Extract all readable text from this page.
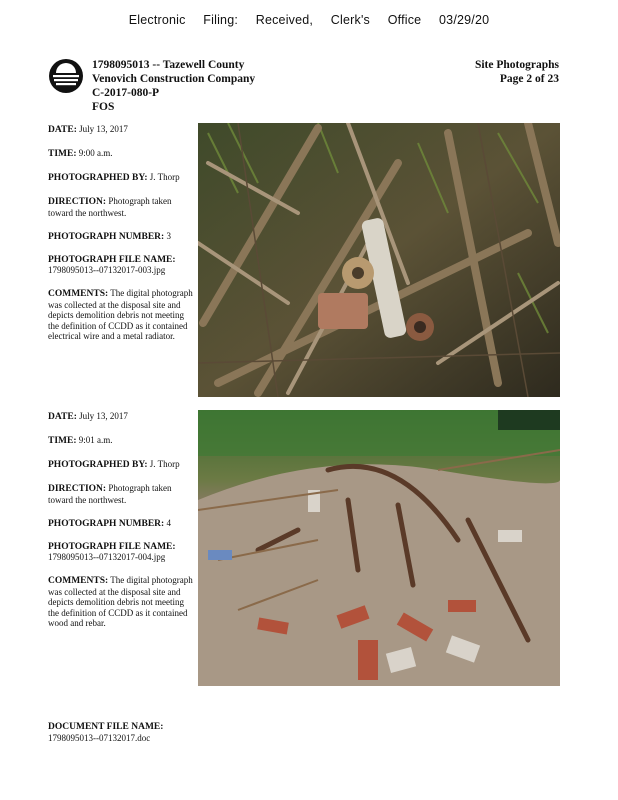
Electronic Filing: Received, Clerk's Office 03/29/20
1798095013 -- Tazewell County
Venovich Construction Company
C-2017-080-P
FOS
Site Photographs
Page 2 of 23
DATE: July 13, 2017
TIME: 9:00 a.m.
PHOTOGRAPHED BY: J. Thorp
DIRECTION: Photograph taken toward the northwest.
PHOTOGRAPH NUMBER: 3
PHOTOGRAPH FILE NAME:
1798095013--07132017-003.jpg
COMMENTS: The digital photograph was collected at the disposal site and depicts demolition debris not meeting the definition of CCDD as it contained electrical wire and a metal radiator.
DATE: July 13, 2017
TIME: 9:01 a.m.
PHOTOGRAPHED BY: J. Thorp
DIRECTION: Photograph taken toward the northwest.
PHOTOGRAPH NUMBER: 4
PHOTOGRAPH FILE NAME:
1798095013--07132017-004.jpg
COMMENTS: The digital photograph was collected at the disposal site and depicts demolition debris not meeting the definition of CCDD as it contained wood and rebar.
DOCUMENT FILE NAME:
1798095013--07132017.doc
